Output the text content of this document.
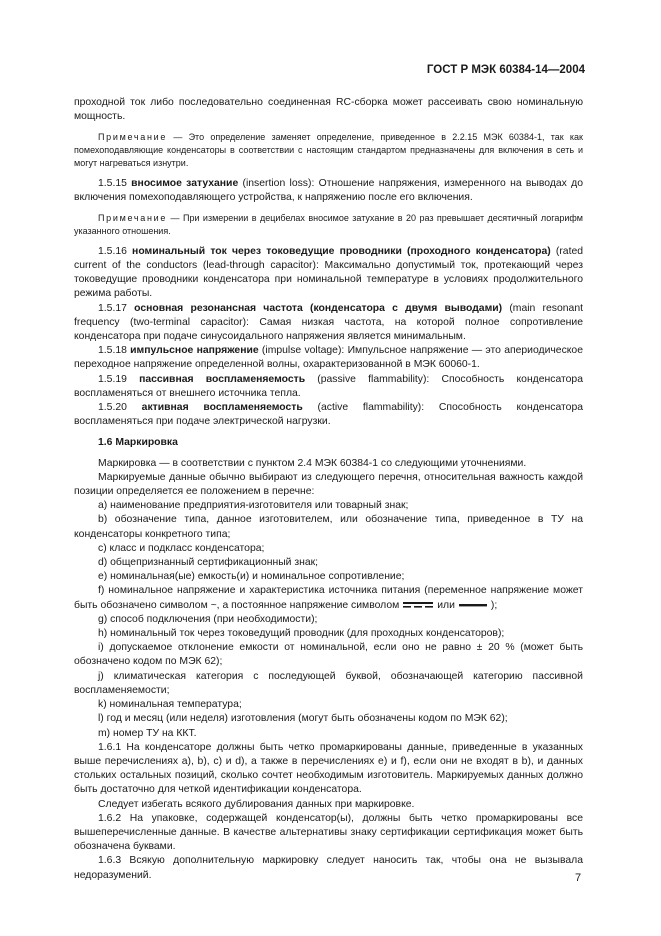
ГОСТ Р МЭК 60384-14—2004

проходной ток либо последовательно соединенная RC-сборка может рассеивать свою номинальную мощность.

Примечание — Это определение заменяет определение, приведенное в 2.2.15 МЭК 60384-1, так как помехоподавляющие конденсаторы в соответствии с настоящим стандартом предназначены для включения в сеть и могут нагреваться изнутри.

1.5.15 вносимое затухание (insertion loss): Отношение напряжения, измеренного на выводах до включения помехоподавляющего устройства, к напряжению после его включения.

Примечание — При измерении в децибелах вносимое затухание в 20 раз превышает десятичный логарифм указанного отношения.

1.5.16 номинальный ток через токоведущие проводники (проходного конденсатора) (rated current of the conductors (lead-through capacitor): Максимально допустимый ток, протекающий через токоведущие проводники конденсатора при номинальной температуре в условиях продолжительного режима работы.

1.5.17 основная резонансная частота (конденсатора с двумя выводами) (main resonant frequency (two-terminal capacitor): Самая низкая частота, на которой полное сопротивление конденсатора при подаче синусоидального напряжения является минимальным.

1.5.18 импульсное напряжение (impulse voltage): Импульсное напряжение — это апериодическое переходное напряжение определенной волны, охарактеризованной в МЭК 60060-1.

1.5.19 пассивная воспламеняемость (passive flammability): Способность конденсатора воспламеняться от внешнего источника тепла.

1.5.20 активная воспламеняемость (active flammability): Способность конденсатора воспламеняться при подаче электрической нагрузки.

1.6 Маркировка

Маркировка — в соответствии с пунктом 2.4 МЭК 60384-1 со следующими уточнениями.

Маркируемые данные обычно выбирают из следующего перечня, относительная важность каждой позиции определяется ее положением в перечне:

a) наименование предприятия-изготовителя или товарный знак;

b) обозначение типа, данное изготовителем, или обозначение типа, приведенное в ТУ на конденсаторы конкретного типа;

c) класс и подкласс конденсатора;

d) общепризнанный сертификационный знак;

e) номинальная(ые) емкость(и) и номинальное сопротивление;

f) номинальное напряжение и характеристика источника питания (переменное напряжение может быть обозначено символом ~, а постоянное напряжение символом	или	);

g) способ подключения (при необходимости);

h) номинальный ток через токоведущий проводник (для проходных конденсаторов);

i) допускаемое отклонение емкости от номинальной, если оно не равно ± 20 % (может быть обозначено кодом по МЭК 62);

j) климатическая категория с последующей буквой, обозначающей категорию пассивной воспламеняемости;

k) номинальная температура;

l) год и месяц (или неделя) изготовления (могут быть обозначены кодом по МЭК 62);

m) номер ТУ на ККТ.

1.6.1 На конденсаторе должны быть четко промаркированы данные, приведенные в указанных выше перечислениях a), b), c) и d), а также в перечислениях e) и f), если они не входят в b), и данных стольких остальных позиций, сколько сочтет необходимым изготовитель. Маркируемых данных должно быть достаточно для четкой идентификации конденсатора.

Следует избегать всякого дублирования данных при маркировке.

1.6.2 На упаковке, содержащей конденсатор(ы), должны быть четко промаркированы все вышеперечисленные данные. В качестве альтернативы знаку сертификации сертификация может быть обозначена буквами.

1.6.3 Всякую дополнительную маркировку следует наносить так, чтобы она не вызывала недоразумений.	7
